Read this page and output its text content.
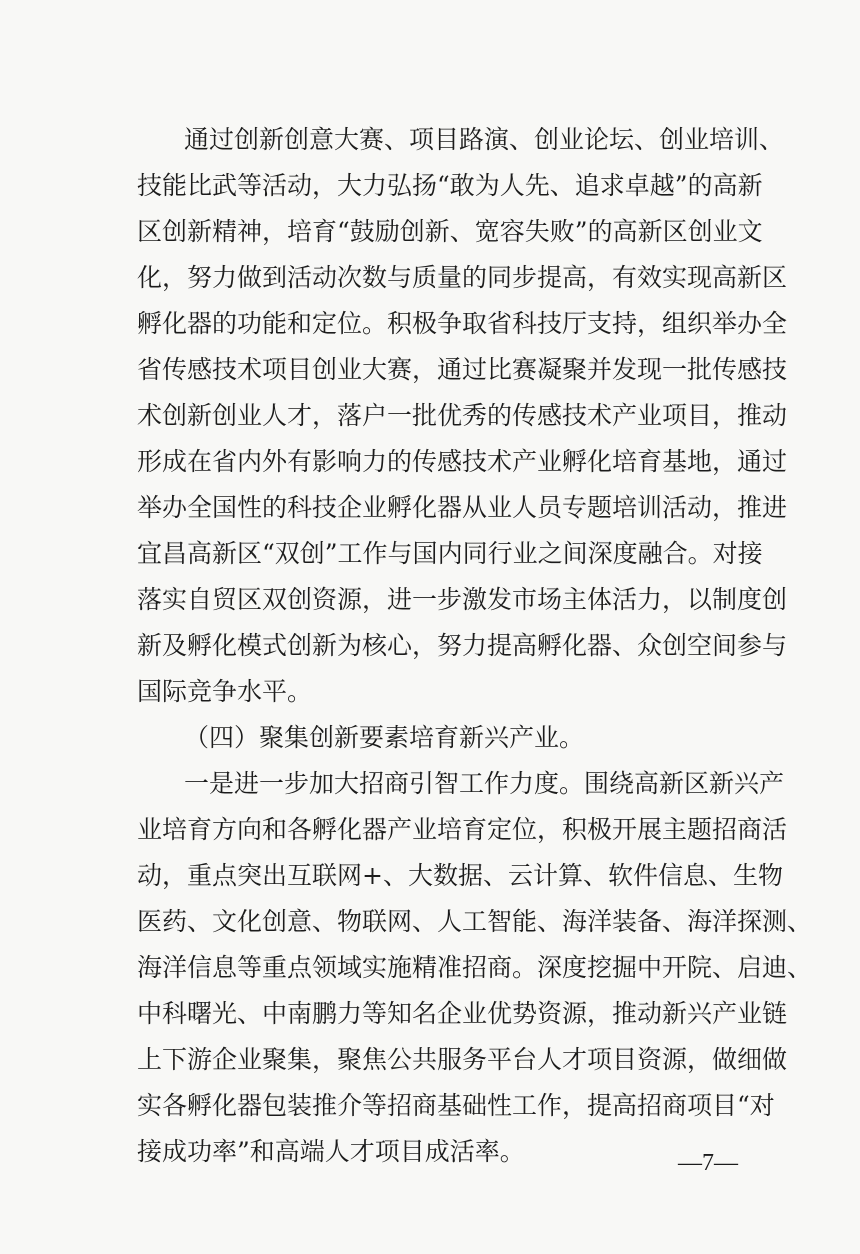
通过创新创意大赛、项目路演、创业论坛、创业培训、

技能比武等活动，大力弘扬“敢为人先、追求卓越”的高新

区创新精神，培育“鼓励创新、宽容失败”的高新区创业文

化，努力做到活动次数与质量的同步提高，有效实现高新区

孵化器的功能和定位。积极争取省科技厅支持，组织举办全

省传感技术项目创业大赛，通过比赛凝聚并发现一批传感技

术创新创业人才，落户一批优秀的传感技术产业项目，推动

形成在省内外有影响力的传感技术产业孵化培育基地，通过

举办全国性的科技企业孵化器从业人员专题培训活动，推进

宜昌高新区“双创”工作与国内同行业之间深度融合。对接

落实自贸区双创资源，进一步激发市场主体活力，以制度创

新及孵化模式创新为核心，努力提高孵化器、众创空间参与

国际竞争水平。

（四）聚集创新要素培育新兴产业。

一是进一步加大招商引智工作力度。围绕高新区新兴产

业培育方向和各孵化器产业培育定位，积极开展主题招商活

动，重点突出互联网+、大数据、云计算、软件信息、生物

医药、文化创意、物联网、人工智能、海洋装备、海洋探测、

海洋信息等重点领域实施精准招商。深度挖掘中开院、启迪、

中科曙光、中南鹏力等知名企业优势资源，推动新兴产业链

上下游企业聚集，聚焦公共服务平台人才项目资源，做细做

实各孵化器包装推介等招商基础性工作，提高招商项目“对

接成功率”和高端人才项目成活率。	—7—
